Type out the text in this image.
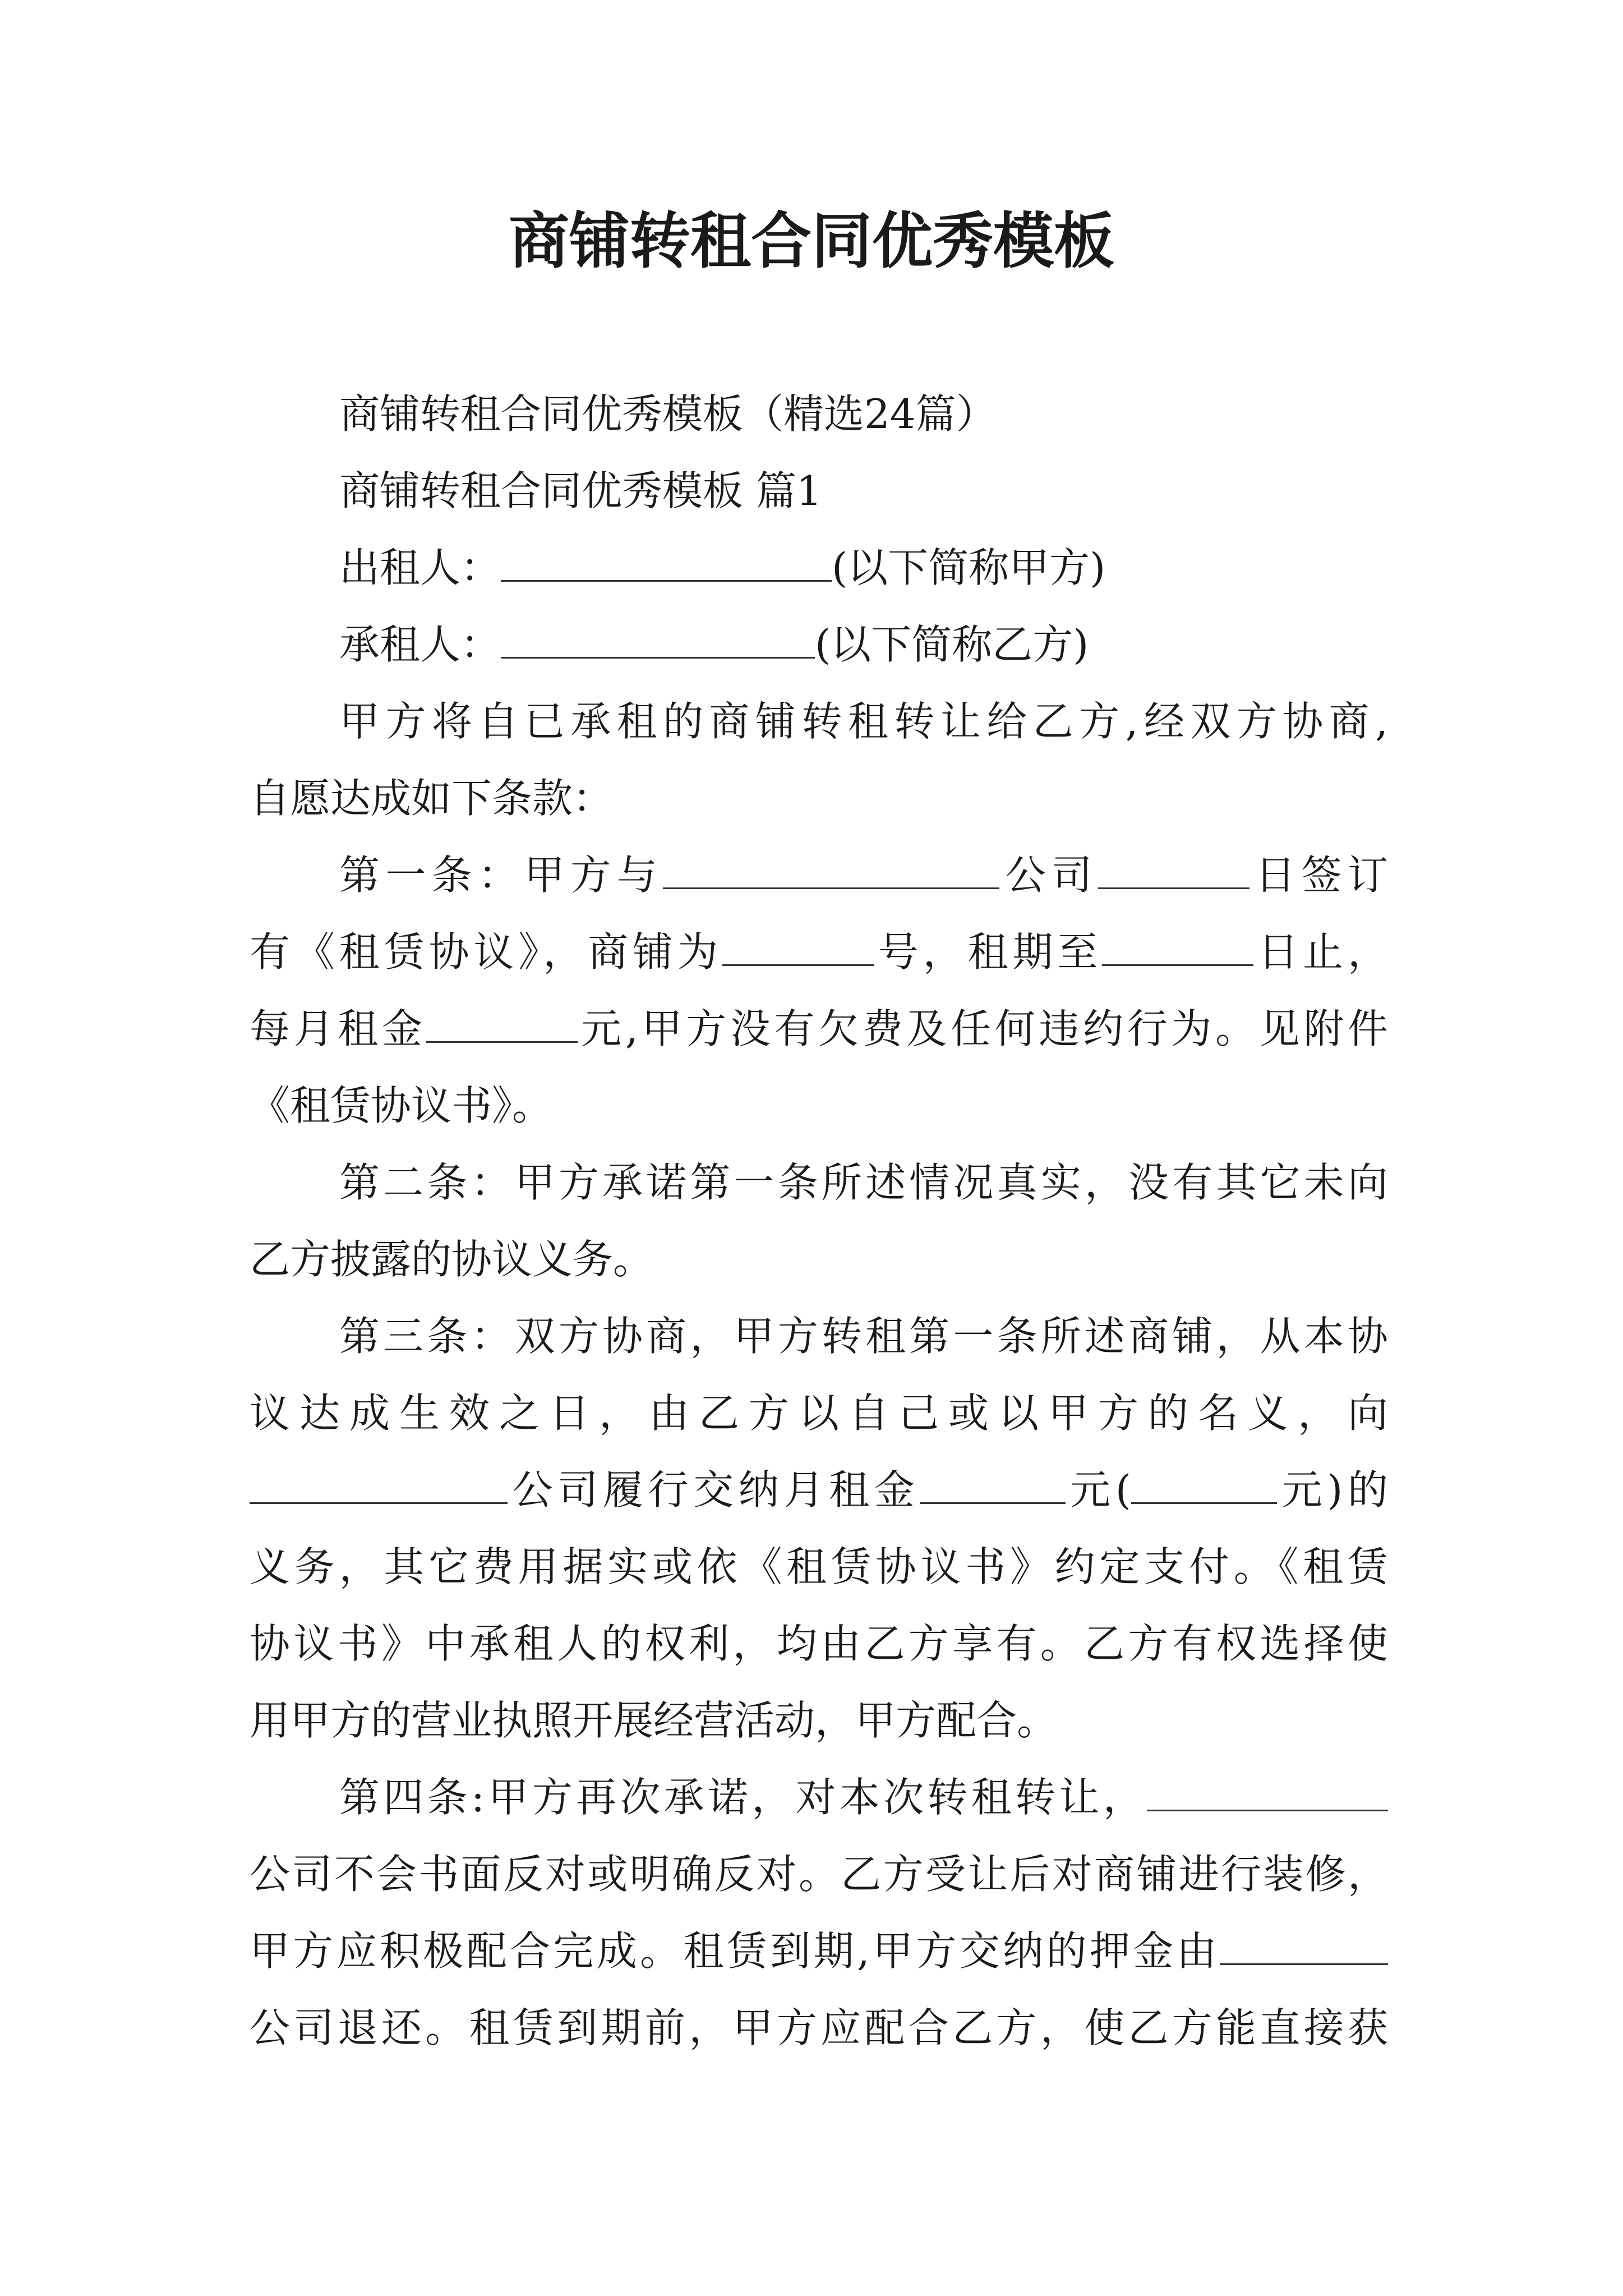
商铺转租合同优秀模板
商铺转租合同优秀模板（精选24篇）
商铺转租合同优秀模板 篇1
出租人：	(以下简称甲方)
承租人：	(以下简称乙方)
甲方将自已承租的商铺转租转让给乙方,经双方协商,
自愿达成如下条款：
第一条：甲方与	公司	日签订
有《租赁协议》，商铺为	号，租期至	日止，
每月租金	元,甲方没有欠费及任何违约行为。见附件
《租赁协议书》。
第二条：甲方承诺第一条所述情况真实，没有其它未向
乙方披露的协议义务。
第三条：双方协商，甲方转租第一条所述商铺，从本协
议达成生效之日，由乙方以自己或以甲方的名义，向
公司履行交纳月租金	元(	元)的
义务，其它费用据实或依《租赁协议书》约定支付。《租赁
协议书》中承租人的权利，均由乙方享有。乙方有权选择使
用甲方的营业执照开展经营活动，甲方配合。
第四条:甲方再次承诺，对本次转租转让，
公司不会书面反对或明确反对。乙方受让后对商铺进行装修，
甲方应积极配合完成。租赁到期,甲方交纳的押金由
公司退还。租赁到期前，甲方应配合乙方，使乙方能直接获
